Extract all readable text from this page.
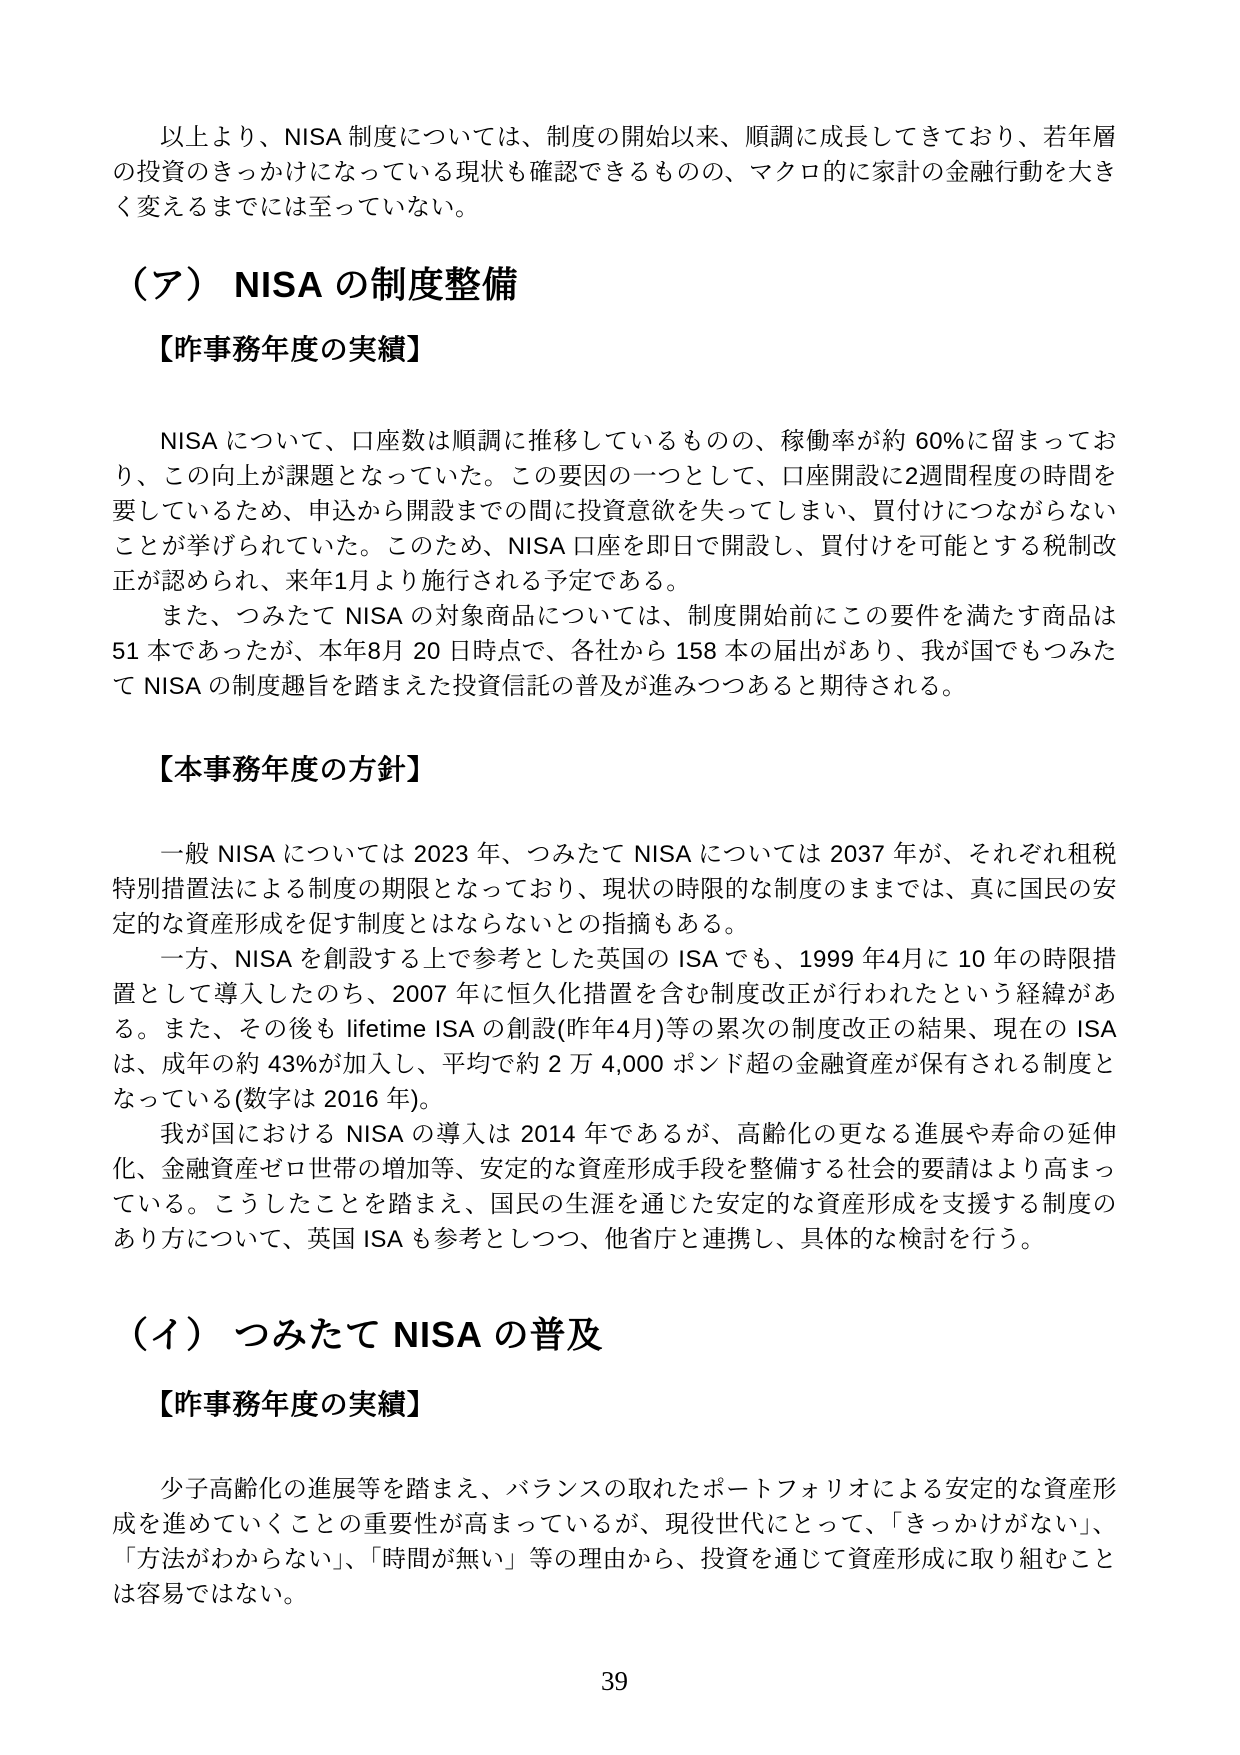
以上より、NISA 制度については、制度の開始以来、順調に成長してきており、若年層の投資のきっかけになっている現状も確認できるものの、マクロ的に家計の金融行動を大きく変えるまでには至っていない。

（ア） NISA の制度整備
【昨事務年度の実績】

NISA について、口座数は順調に推移しているものの、稼働率が約 60%に留まっており、この向上が課題となっていた。この要因の一つとして、口座開設に2週間程度の時間を要しているため、申込から開設までの間に投資意欲を失ってしまい、買付けにつながらないことが挙げられていた。このため、NISA 口座を即日で開設し、買付けを可能とする税制改正が認められ、来年1月より施行される予定である。

また、つみたて NISA の対象商品については、制度開始前にこの要件を満たす商品は 51 本であったが、本年8月 20 日時点で、各社から 158 本の届出があり、我が国でもつみたて NISA の制度趣旨を踏まえた投資信託の普及が進みつつあると期待される。

【本事務年度の方針】

一般 NISA については 2023 年、つみたて NISA については 2037 年が、それぞれ租税特別措置法による制度の期限となっており、現状の時限的な制度のままでは、真に国民の安定的な資産形成を促す制度とはならないとの指摘もある。

一方、NISA を創設する上で参考とした英国の ISA でも、1999 年4月に 10 年の時限措置として導入したのち、2007 年に恒久化措置を含む制度改正が行われたという経緯がある。また、その後も lifetime ISA の創設(昨年4月)等の累次の制度改正の結果、現在の ISA は、成年の約 43%が加入し、平均で約 2 万 4,000 ポンド超の金融資産が保有される制度となっている(数字は 2016 年)。

我が国における NISA の導入は 2014 年であるが、高齢化の更なる進展や寿命の延伸化、金融資産ゼロ世帯の増加等、安定的な資産形成手段を整備する社会的要請はより高まっている。こうしたことを踏まえ、国民の生涯を通じた安定的な資産形成を支援する制度のあり方について、英国 ISA も参考としつつ、他省庁と連携し、具体的な検討を行う。

（イ） つみたて NISA の普及
【昨事務年度の実績】

少子高齢化の進展等を踏まえ、バランスの取れたポートフォリオによる安定的な資産形成を進めていくことの重要性が高まっているが、現役世代にとって、「きっかけがない」、「方法がわからない」、「時間が無い」等の理由から、投資を通じて資産形成に取り組むことは容易ではない。

39
